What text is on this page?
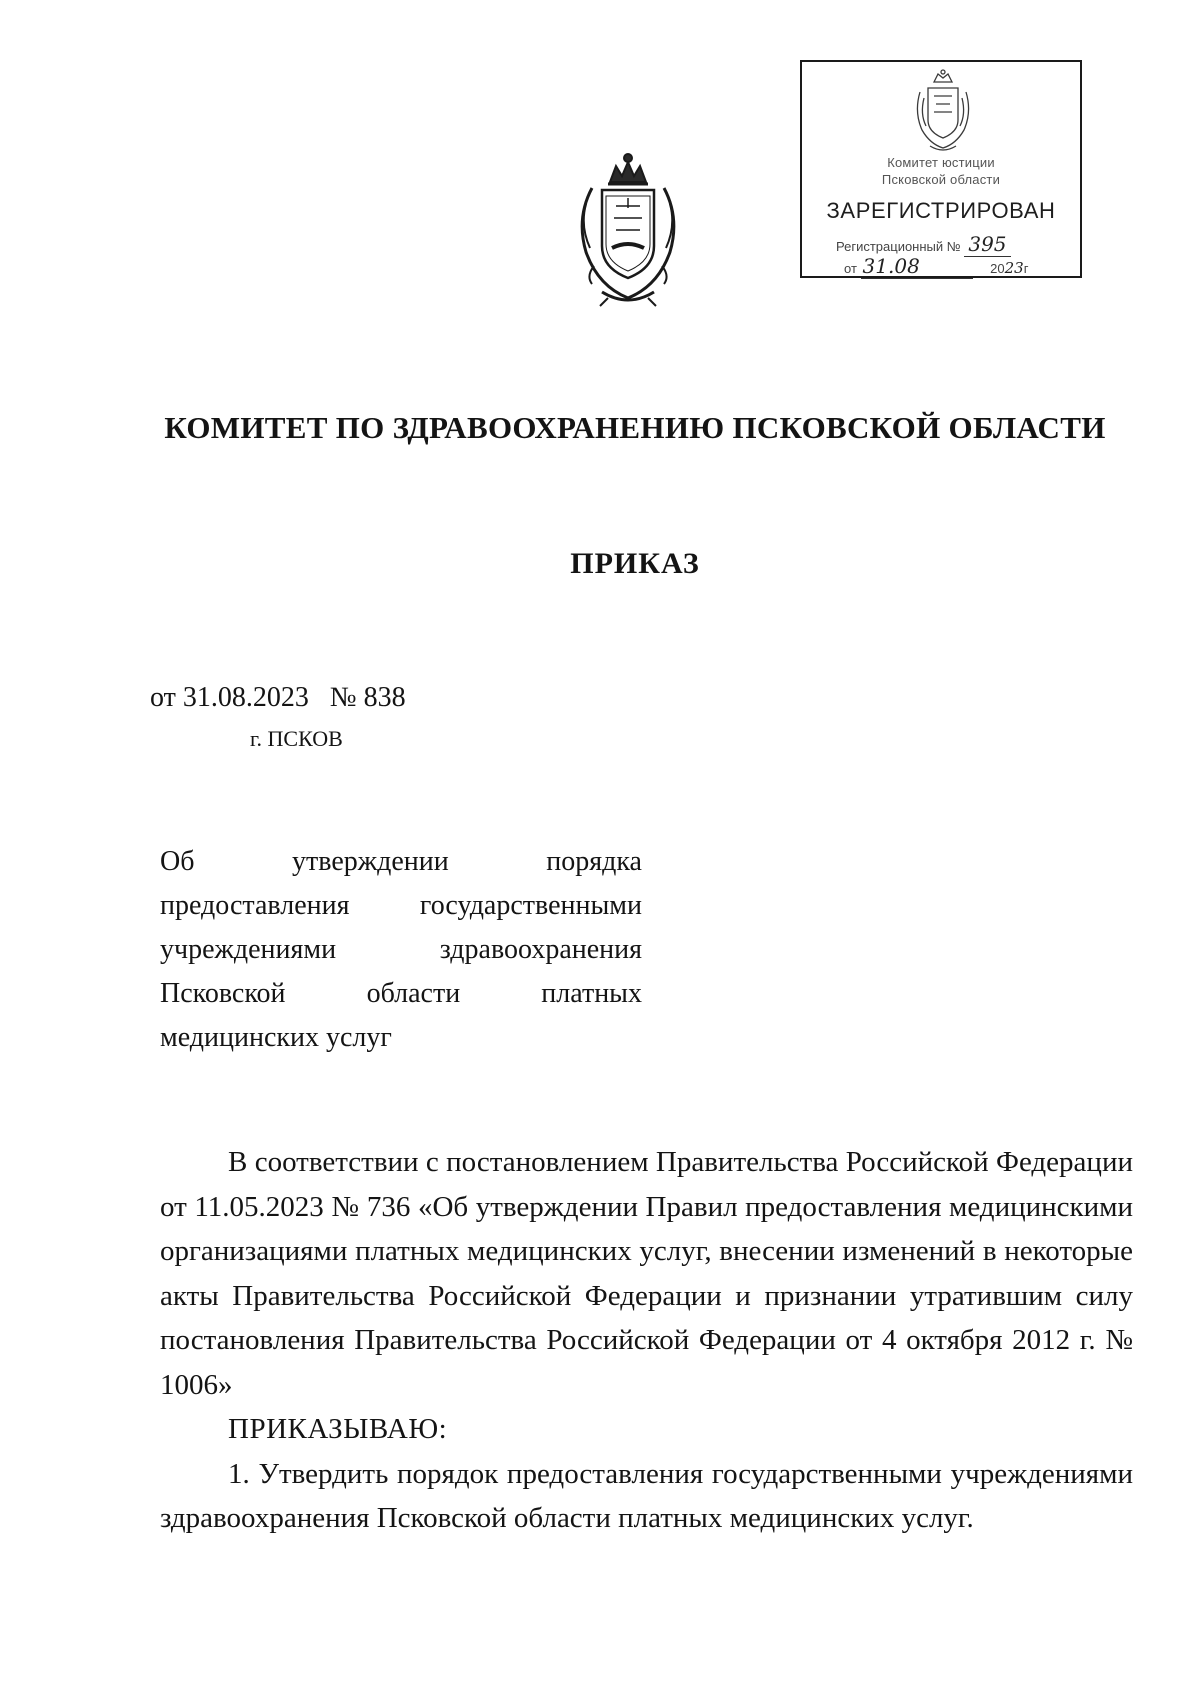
Комитет юстиции
Псковской области
ЗАРЕГИСТРИРОВАН
Регистрационный № 395
от 31.08	2023г
КОМИТЕТ ПО ЗДРАВООХРАНЕНИЮ ПСКОВСКОЙ ОБЛАСТИ
ПРИКАЗ
от 31.08.2023 № 838
г. ПСКОВ
Об утверждении порядка предоставления государственными учреждениями здравоохранения Псковской области платных медицинских услуг

В соответствии с постановлением Правительства Российской Федерации от 11.05.2023 № 736 «Об утверждении Правил предоставления медицинскими организациями платных медицинских услуг, внесении изменений в некоторые акты Правительства Российской Федерации и признании утратившим силу постановления Правительства Российской Федерации от 4 октября 2012 г. № 1006»

ПРИКАЗЫВАЮ:

1. Утвердить порядок предоставления государственными учреждениями здравоохранения Псковской области платных медицинских услуг.
